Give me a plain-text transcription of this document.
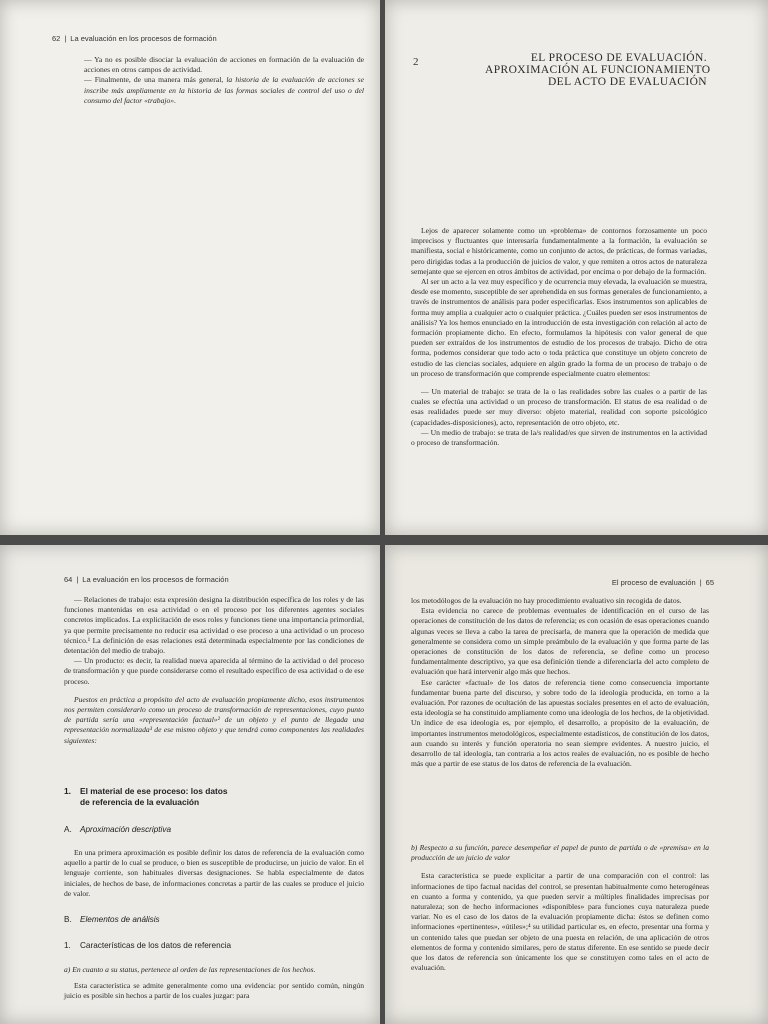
62 | La evaluación en los procesos de formación

— Ya no es posible disociar la evaluación de acciones en formación de la evaluación de acciones en otros campos de actividad.

— Finalmente, de una manera más general, la historia de la evaluación de acciones se inscribe más ampliamente en la historia de las formas sociales de control del uso o del consumo del factor «trabajo».

2	EL PROCESO DE EVALUACIÓN.
APROXIMACIÓN AL FUNCIONAMIENTO
DEL ACTO DE EVALUACIÓN

Lejos de aparecer solamente como un «problema» de contornos forzosamente un poco imprecisos y fluctuantes que interesaría fundamentalmente a la formación, la evaluación se manifiesta, social e históricamente, como un conjunto de actos, de prácticas, de formas variadas, pero dirigidas todas a la producción de juicios de valor, y que remiten a otros actos de naturaleza semejante que se ejercen en otros ámbitos de actividad, por encima o por debajo de la formación.

Al ser un acto a la vez muy específico y de ocurrencia muy elevada, la evaluación se muestra, desde ese momento, susceptible de ser aprehendida en sus formas generales de funcionamiento, a través de instrumentos de análisis para poder especificarlas. Esos instrumentos son aplicables de forma muy amplia a cualquier acto o cualquier práctica. ¿Cuáles pueden ser esos instrumentos de análisis? Ya los hemos enunciado en la introducción de esta investigación con relación al acto de formación propiamente dicho. En efecto, formulamos la hipótesis con valor general de que pueden ser extraídos de los instrumentos de estudio de los procesos de trabajo. Dicho de otra forma, podemos considerar que todo acto o toda práctica que constituye un objeto concreto de estudio de las ciencias sociales, adquiere en algún grado la forma de un proceso de trabajo o de un proceso de transformación que comprende especialmente cuatro elementos:

— Un material de trabajo: se trata de la o las realidades sobre las cuales o a partir de las cuales se efectúa una actividad o un proceso de transformación. El status de esa realidad o de esas realidades puede ser muy diverso: objeto material, realidad con soporte psicológico (capacidades-disposiciones), acto, representación de otro objeto, etc.

— Un medio de trabajo: se trata de la/s realidad/es que sirven de instrumentos en la actividad o proceso de transformación.

64 | La evaluación en los procesos de formación

— Relaciones de trabajo: esta expresión designa la distribución específica de los roles y de las funciones mantenidas en esa actividad o en el proceso por los diferentes agentes sociales concretos implicados. La explicitación de esos roles y funciones tiene una importancia primordial, ya que permite precisamente no reducir esa actividad o ese proceso a una actividad o un proceso técnico.¹ La definición de esas relaciones está determinada especialmente por las condiciones de detentación del medio de trabajo.

— Un producto: es decir, la realidad nueva aparecida al término de la actividad o del proceso de transformación y que puede considerarse como el resultado específico de esa actividad o de ese proceso.

Puestos en práctica a propósito del acto de evaluación propiamente dicho, esos instrumentos nos permiten considerarlo como un proceso de transformación de representaciones, cuyo punto de partida sería una «representación factual»² de un objeto y el punto de llegada una representación normalizada³ de ese mismo objeto y que tendrá como componentes las realidades siguientes:

1. El material de ese proceso: los datos
de referencia de la evaluación
A. Aproximación descriptiva

En una primera aproximación es posible definir los datos de referencia de la evaluación como aquello a partir de lo cual se produce, o bien es susceptible de producirse, un juicio de valor. En el lenguaje corriente, son habituales diversas designaciones. Se habla especialmente de datos iniciales, de hechos de base, de informaciones concretas a partir de las cuales se produce el juicio de valor.

B. Elementos de análisis
1. Características de los datos de referencia

a) En cuanto a su status, pertenece al orden de las representaciones de los hechos.

Esta característica se admite generalmente como una evidencia: por sentido común, ningún juicio es posible sin hechos a partir de los cuales juzgar: para

El proceso de evaluación | 65

los metodólogos de la evaluación no hay procedimiento evaluativo sin recogida de datos.

Esta evidencia no carece de problemas eventuales de identificación en el curso de las operaciones de constitución de los datos de referencia; es con ocasión de esas operaciones cuando algunas veces se lleva a cabo la tarea de precisarla, de manera que la operación de medida que generalmente se considera como un simple preámbulo de la evaluación y que forma parte de las operaciones de constitución de los datos de referencia, se define como un proceso fundamentalmente descriptivo, ya que esa definición tiende a diferenciarla del acto completo de evaluación que hará intervenir algo más que hechos.

Ese carácter «factual» de los datos de referencia tiene como consecuencia importante fundamentar buena parte del discurso, y sobre todo de la ideología producida, en torno a la evaluación. Por razones de ocultación de las apuestas sociales presentes en el acto de evaluación, esta ideología se ha constituido ampliamente como una ideología de los hechos, de la objetividad. Un índice de esa ideología es, por ejemplo, el desarrollo, a propósito de la evaluación, de importantes instrumentos metodológicos, especialmente estadísticos, de constitución de los datos, aun cuando su interés y función operatoria no sean siempre evidentes. A nuestro juicio, el desarrollo de tal ideología, tan contraria a los actos reales de evaluación, no es posible de hecho más que a partir de ese status de los datos de referencia de la evaluación.

b) Respecto a su función, parece desempeñar el papel de punto de partida o de «premisa» en la producción de un juicio de valor

Esta característica se puede explicitar a partir de una comparación con el control: las informaciones de tipo factual nacidas del control, se presentan habitualmente como heterogéneas en cuanto a forma y contenido, ya que pueden servir a múltiples finalidades imprecisas por naturaleza; son de hecho informaciones «disponibles» para funciones cuya naturaleza puede variar. No es el caso de los datos de la evaluación propiamente dicha: éstos se definen como informaciones «pertinentes», «útiles»;⁴ su utilidad particular es, en efecto, presentar una forma y un contenido tales que puedan ser objeto de una puesta en relación, de una aplicación de otros elementos de forma y contenido similares, pero de status diferente. En ese sentido se puede decir que los datos de referencia son únicamente los que se constituyen como tales en el acto de evaluación.
